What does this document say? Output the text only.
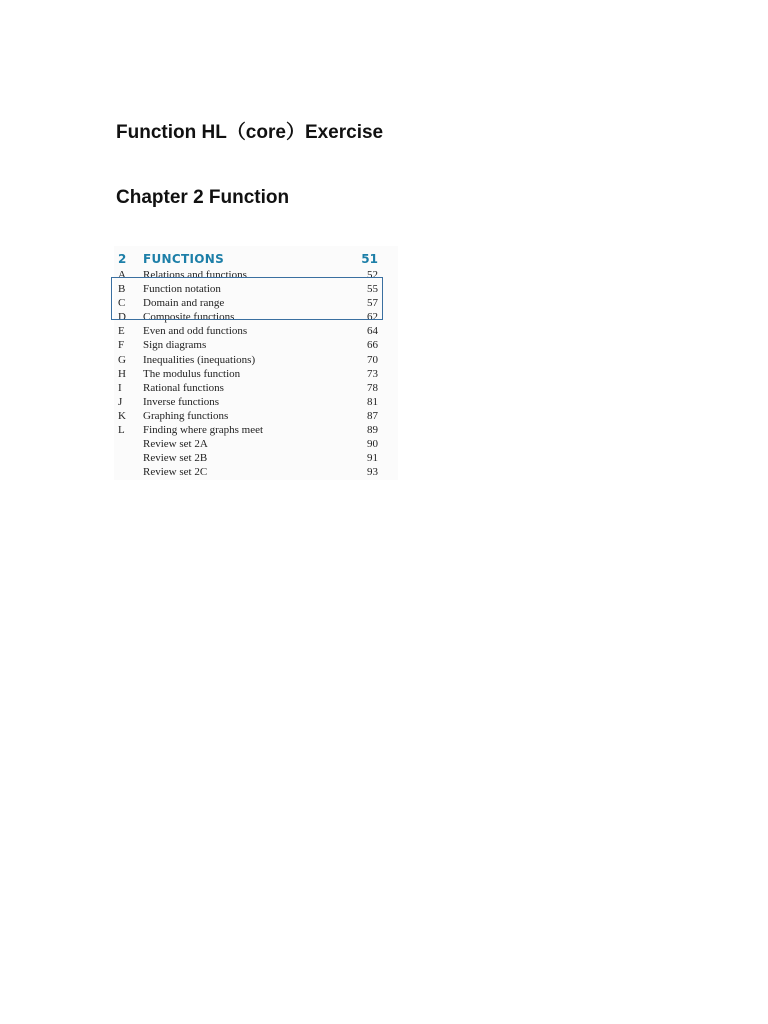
Function HL（core）Exercise
Chapter 2 Function
2 FUNCTIONS	51
A	Relations and functions	52
B	Function notation	55
C	Domain and range	57
D	Composite functions	62
E	Even and odd functions	64
F	Sign diagrams	66
G	Inequalities (inequations)	70
H	The modulus function	73
I	Rational functions	78
J	Inverse functions	81
K	Graphing functions	87
L	Finding where graphs meet	89
Review set 2A	90
Review set 2B	91
Review set 2C	93
